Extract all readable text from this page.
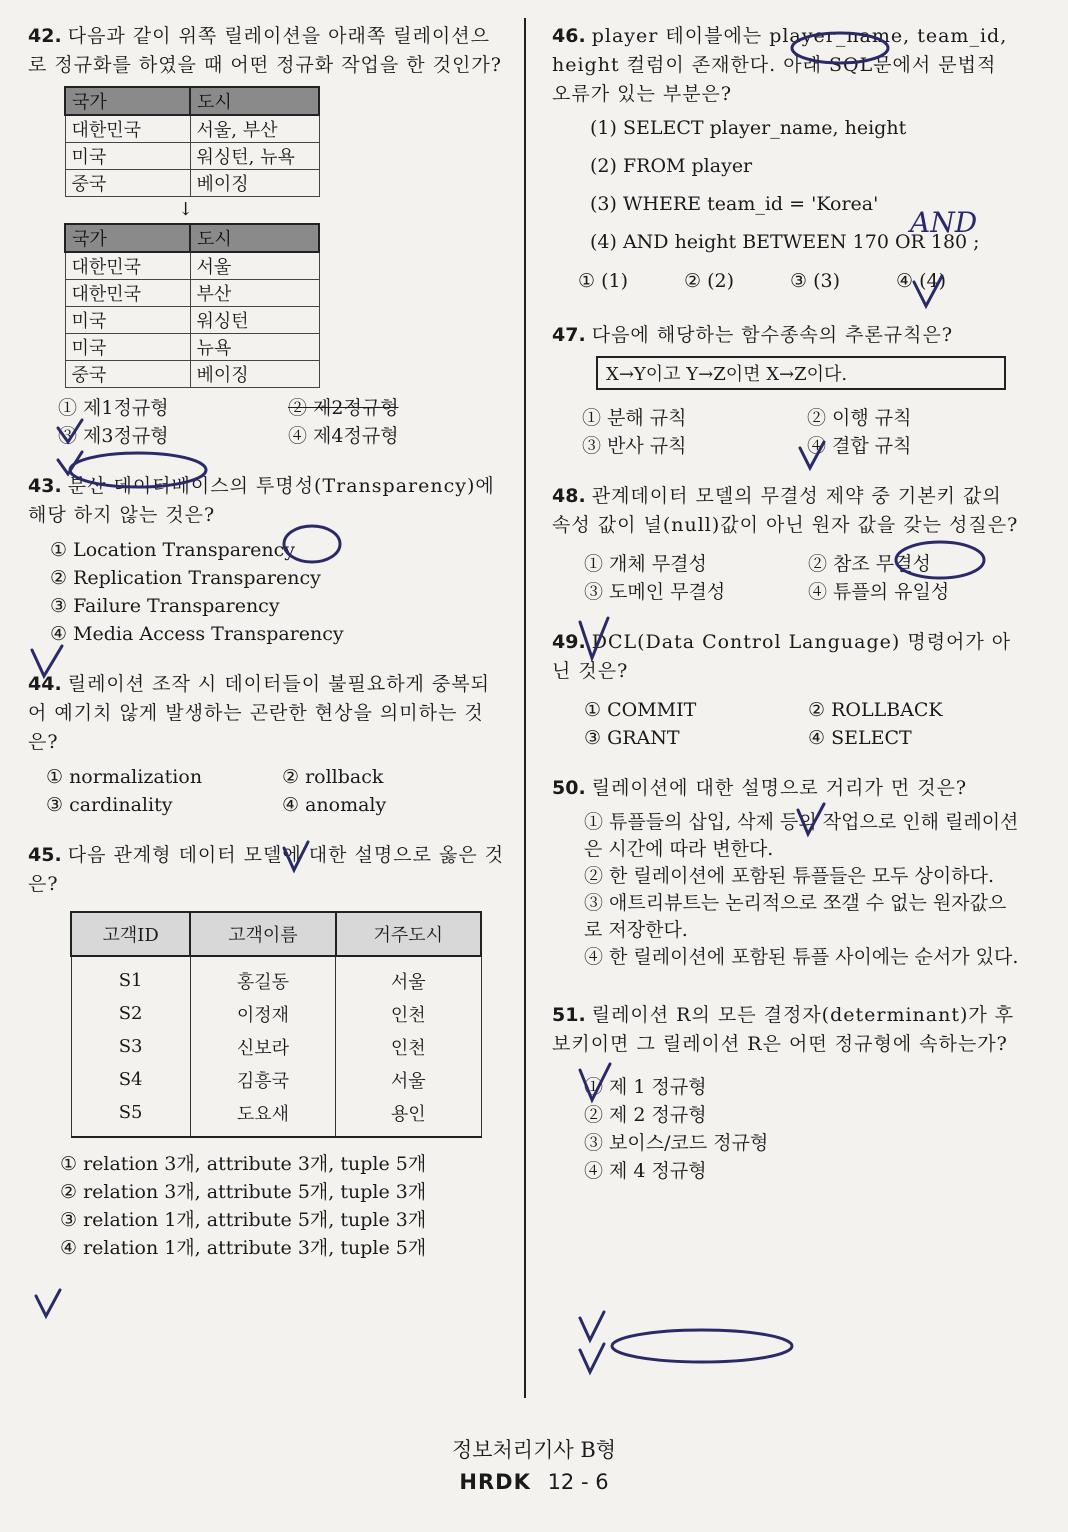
42. 다음과 같이 위쪽 릴레이션을 아래쪽 릴레이션으로 정규화를 하였을 때 어떤 정규화 작업을 한 것인가?
국가	도시
대한민국	서울, 부산
미국	워싱턴, 뉴욕
중국	베이징
↓
국가	도시
대한민국	서울
대한민국	부산
미국	워싱턴
미국	뉴욕
중국	베이징
① 제1정규형	② 제2정규형
③ 제3정규형	④ 제4정규형
43. 분산 데이터베이스의 투명성(Transparency)에 해당 하지 않는 것은?
① Location Transparency
② Replication Transparency
③ Failure Transparency
④ Media Access Transparency
44. 릴레이션 조작 시 데이터들이 불필요하게 중복되어 예기치 않게 발생하는 곤란한 현상을 의미하는 것은?
① normalization	② rollback
③ cardinality	④ anomaly
45. 다음 관계형 데이터 모델에 대한 설명으로 옳은 것은?
고객ID	고객이름	거주도시
S1	홍길동	서울
S2	이정재	인천
S3	신보라	인천
S4	김흥국	서울
S5	도요새	용인
① relation 3개, attribute 3개, tuple 5개
② relation 3개, attribute 5개, tuple 3개
③ relation 1개, attribute 5개, tuple 3개
④ relation 1개, attribute 3개, tuple 5개
46. player 테이블에는 player_name, team_id, height 컬럼이 존재한다. 아래 SQL문에서 문법적 오류가 있는 부분은?
(1) SELECT player_name, height
(2) FROM player
(3) WHERE team_id = 'Korea'
(4) AND height BETWEEN 170 OR 180 ;
① (1)	② (2)	③ (3)	④ (4)
47. 다음에 해당하는 함수종속의 추론규칙은?
X→Y이고 Y→Z이면 X→Z이다.
① 분해 규칙	② 이행 규칙
③ 반사 규칙	④ 결합 규칙
48. 관계데이터 모델의 무결성 제약 중 기본키 값의 속성 값이 널(null)값이 아닌 원자 값을 갖는 성질은?
① 개체 무결성	② 참조 무결성
③ 도메인 무결성	④ 튜플의 유일성
49. DCL(Data Control Language) 명령어가 아닌 것은?
① COMMIT	② ROLLBACK
③ GRANT	④ SELECT
50. 릴레이션에 대한 설명으로 거리가 먼 것은?
① 튜플들의 삽입, 삭제 등의 작업으로 인해 릴레이션은 시간에 따라 변한다.
② 한 릴레이션에 포함된 튜플들은 모두 상이하다.
③ 애트리뷰트는 논리적으로 쪼갤 수 없는 원자값으로 저장한다.
④ 한 릴레이션에 포함된 튜플 사이에는 순서가 있다.
51. 릴레이션 R의 모든 결정자(determinant)가 후보키이면 그 릴레이션 R은 어떤 정규형에 속하는가?
① 제 1 정규형
② 제 2 정규형
③ 보이스/코드 정규형
④ 제 4 정규형
AND
정보처리기사 B형
HRDK 12 - 6
